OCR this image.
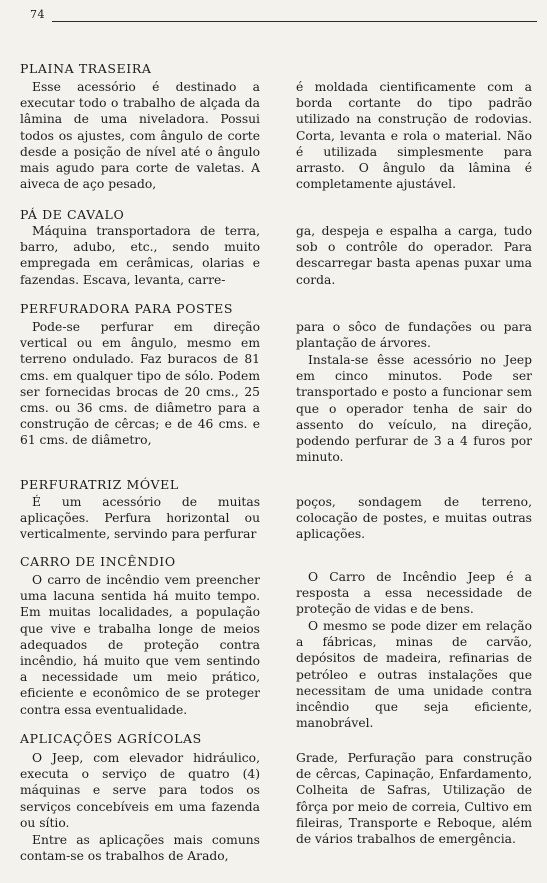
74
PLAINA TRASEIRA

Esse acessório é destinado a executar todo o trabalho de alçada da lâmina de uma niveladora. Possui todos os ajustes, com ângulo de corte desde a posição de nível até o ângulo mais agudo para corte de valetas. A aiveca de aço pesado,

é moldada cientificamente com a borda cortante do tipo padrão utilizado na construção de rodovias. Corta, levanta e rola o material. Não é utilizada simplesmente para arrasto. O ângulo da lâmina é completamente ajustável.

PÁ DE CAVALO

Máquina transportadora de terra, barro, adubo, etc., sendo muito empregada em cerâmicas, olarias e fazendas. Escava, levanta, carre-

ga, despeja e espalha a carga, tudo sob o contrôle do operador. Para descarregar basta apenas puxar uma corda.

PERFURADORA PARA POSTES

Pode-se perfurar em direção vertical ou em ângulo, mesmo em terreno ondulado. Faz buracos de 81 cms. em qualquer tipo de sólo. Podem ser fornecidas brocas de 20 cms., 25 cms. ou 36 cms. de diâmetro para a construção de cêrcas; e de 46 cms. e 61 cms. de diâmetro,

para o sôco de fundações ou para plantação de árvores.

Instala-se êsse acessório no Jeep em cinco minutos. Pode ser transportado e posto a funcionar sem que o operador tenha de sair do assento do veículo, na direção, podendo perfurar de 3 a 4 furos por minuto.

PERFURATRIZ MÓVEL

É um acessório de muitas aplicações. Perfura horizontal ou verticalmente, servindo para perfurar

poços, sondagem de terreno, colocação de postes, e muitas outras aplicações.

CARRO DE INCÊNDIO

O carro de incêndio vem preencher uma lacuna sentida há muito tempo. Em muitas localidades, a população que vive e trabalha longe de meios adequados de proteção contra incêndio, há muito que vem sentindo a necessidade um meio prático, eficiente e econômico de se proteger contra essa eventualidade.

O Carro de Incêndio Jeep é a resposta a essa necessidade de proteção de vidas e de bens.

O mesmo se pode dizer em relação a fábricas, minas de carvão, depósitos de madeira, refinarias de petróleo e outras instalações que necessitam de uma unidade contra incêndio que seja eficiente, manobrável.

APLICAÇÕES AGRÍCOLAS

O Jeep, com elevador hidráulico, executa o serviço de quatro (4) máquinas e serve para todos os serviços concebíveis em uma fazenda ou sítio.

Entre as aplicações mais comuns contam-se os trabalhos de Arado,

Grade, Perfuração para construção de cêrcas, Capinação, Enfardamento, Colheita de Safras, Utilização de fôrça por meio de correia, Cultivo em fileiras, Transporte e Reboque, além de vários trabalhos de emergência.
